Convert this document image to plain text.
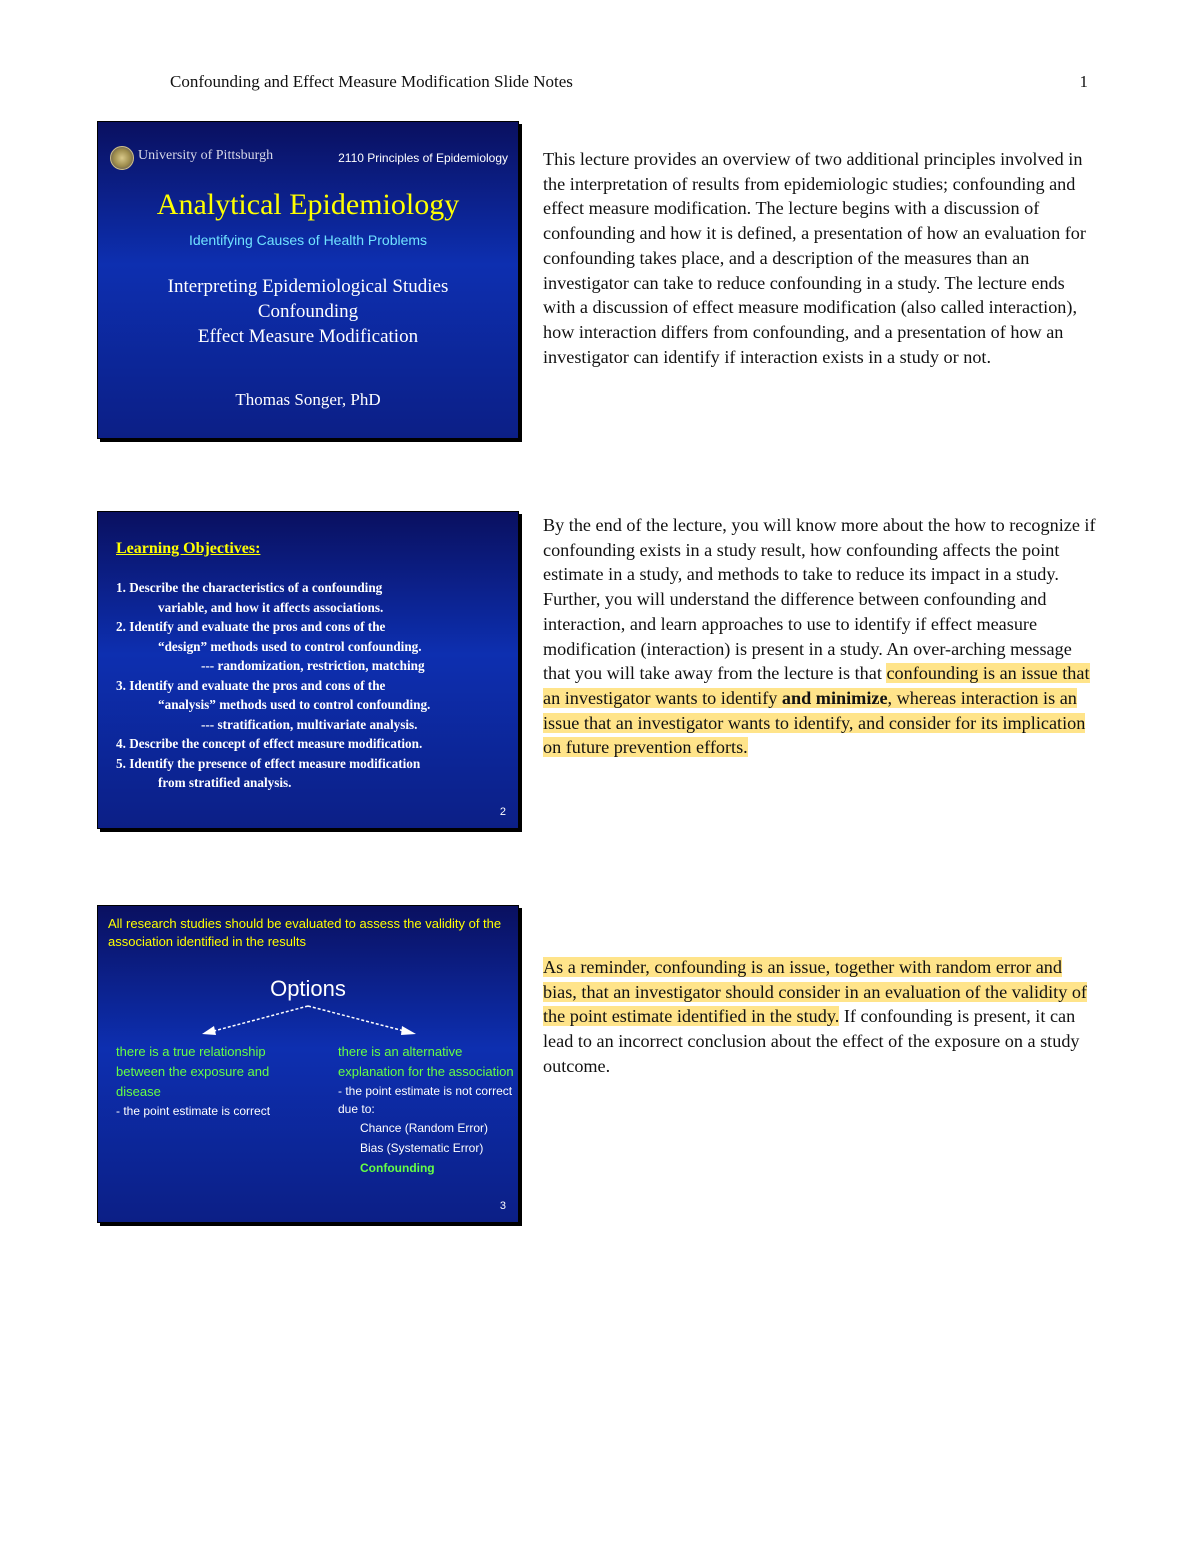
Confounding and Effect Measure Modification Slide Notes	1
University of Pittsburgh	2110 Principles of Epidemiology
Analytical Epidemiology
Identifying Causes of Health Problems
Interpreting Epidemiological Studies
Confounding
Effect Measure Modification
Thomas Songer, PhD
Learning Objectives:
1. Describe the characteristics of a confounding
variable, and how it affects associations.
2. Identify and evaluate the pros and cons of the
“design” methods used to control confounding.
--- randomization, restriction, matching
3. Identify and evaluate the pros and cons of the
“analysis” methods used to control confounding.
--- stratification, multivariate analysis.
4. Describe the concept of effect measure modification.
5. Identify the presence of effect measure modification
from stratified analysis.
2
All research studies should be evaluated to assess the validity of the association identified in the results
Options
there is a true relationship between the exposure and disease
- the point estimate is correct
there is an alternative explanation for the association
- the point estimate is not correct due to:
Chance (Random Error)
Bias (Systematic Error)
Confounding
3
This lecture provides an overview of two additional principles involved in the interpretation of results from epidemiologic studies; confounding and effect measure modification. The lecture begins with a discussion of confounding and how it is defined, a presentation of how an evaluation for confounding takes place, and a description of the measures than an investigator can take to reduce confounding in a study. The lecture ends with a discussion of effect measure modification (also called interaction), how interaction differs from confounding, and a presentation of how an investigator can identify if interaction exists in a study or not.
By the end of the lecture, you will know more about the how to recognize if confounding exists in a study result, how confounding affects the point estimate in a study, and methods to take to reduce its impact in a study. Further, you will understand the difference between confounding and interaction, and learn approaches to use to identify if effect measure modification (interaction) is present in a study. An over-arching message that you will take away from the lecture is that confounding is an issue that an investigator wants to identify and minimize, whereas interaction is an issue that an investigator wants to identify, and consider for its implication on future prevention efforts.
As a reminder, confounding is an issue, together with random error and bias, that an investigator should consider in an evaluation of the validity of the point estimate identified in the study. If confounding is present, it can lead to an incorrect conclusion about the effect of the exposure on a study outcome.
